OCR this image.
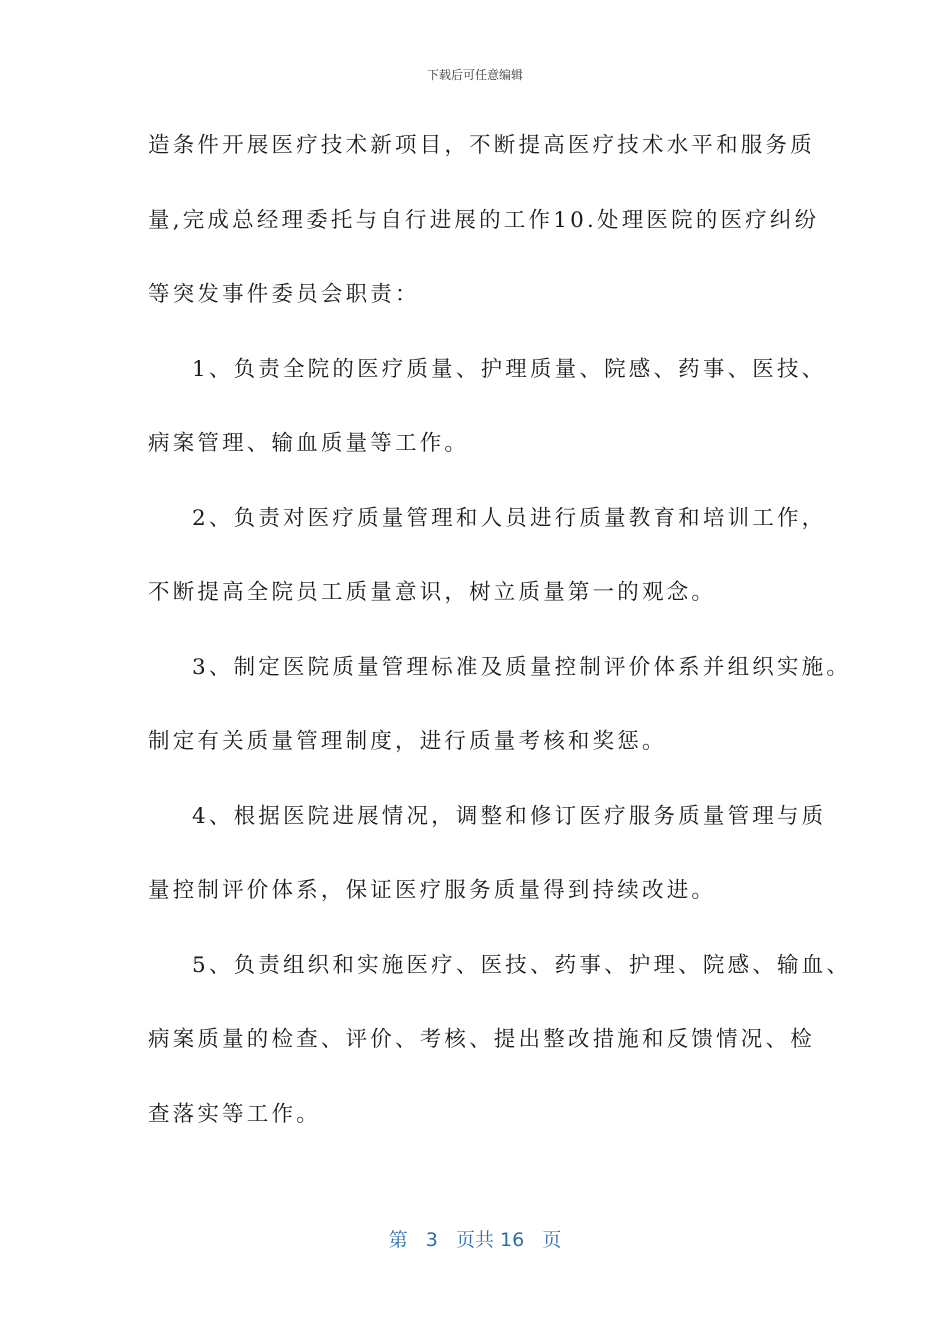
下载后可任意编辑
造条件开展医疗技术新项目，不断提高医疗技术水平和服务质
量,完成总经理委托与自行进展的工作10.处理医院的医疗纠纷
等突发事件委员会职责：
1、负责全院的医疗质量、护理质量、院感、药事、医技、
病案管理、输血质量等工作。
2、负责对医疗质量管理和人员进行质量教育和培训工作，
不断提高全院员工质量意识，树立质量第一的观念。
3、制定医院质量管理标准及质量控制评价体系并组织实施。
制定有关质量管理制度，进行质量考核和奖惩。
4、根据医院进展情况，调整和修订医疗服务质量管理与质
量控制评价体系，保证医疗服务质量得到持续改进。
5、负责组织和实施医疗、医技、药事、护理、院感、输血、
病案质量的检查、评价、考核、提出整改措施和反馈情况、检
查落实等工作。
第 3 页共 16 页
